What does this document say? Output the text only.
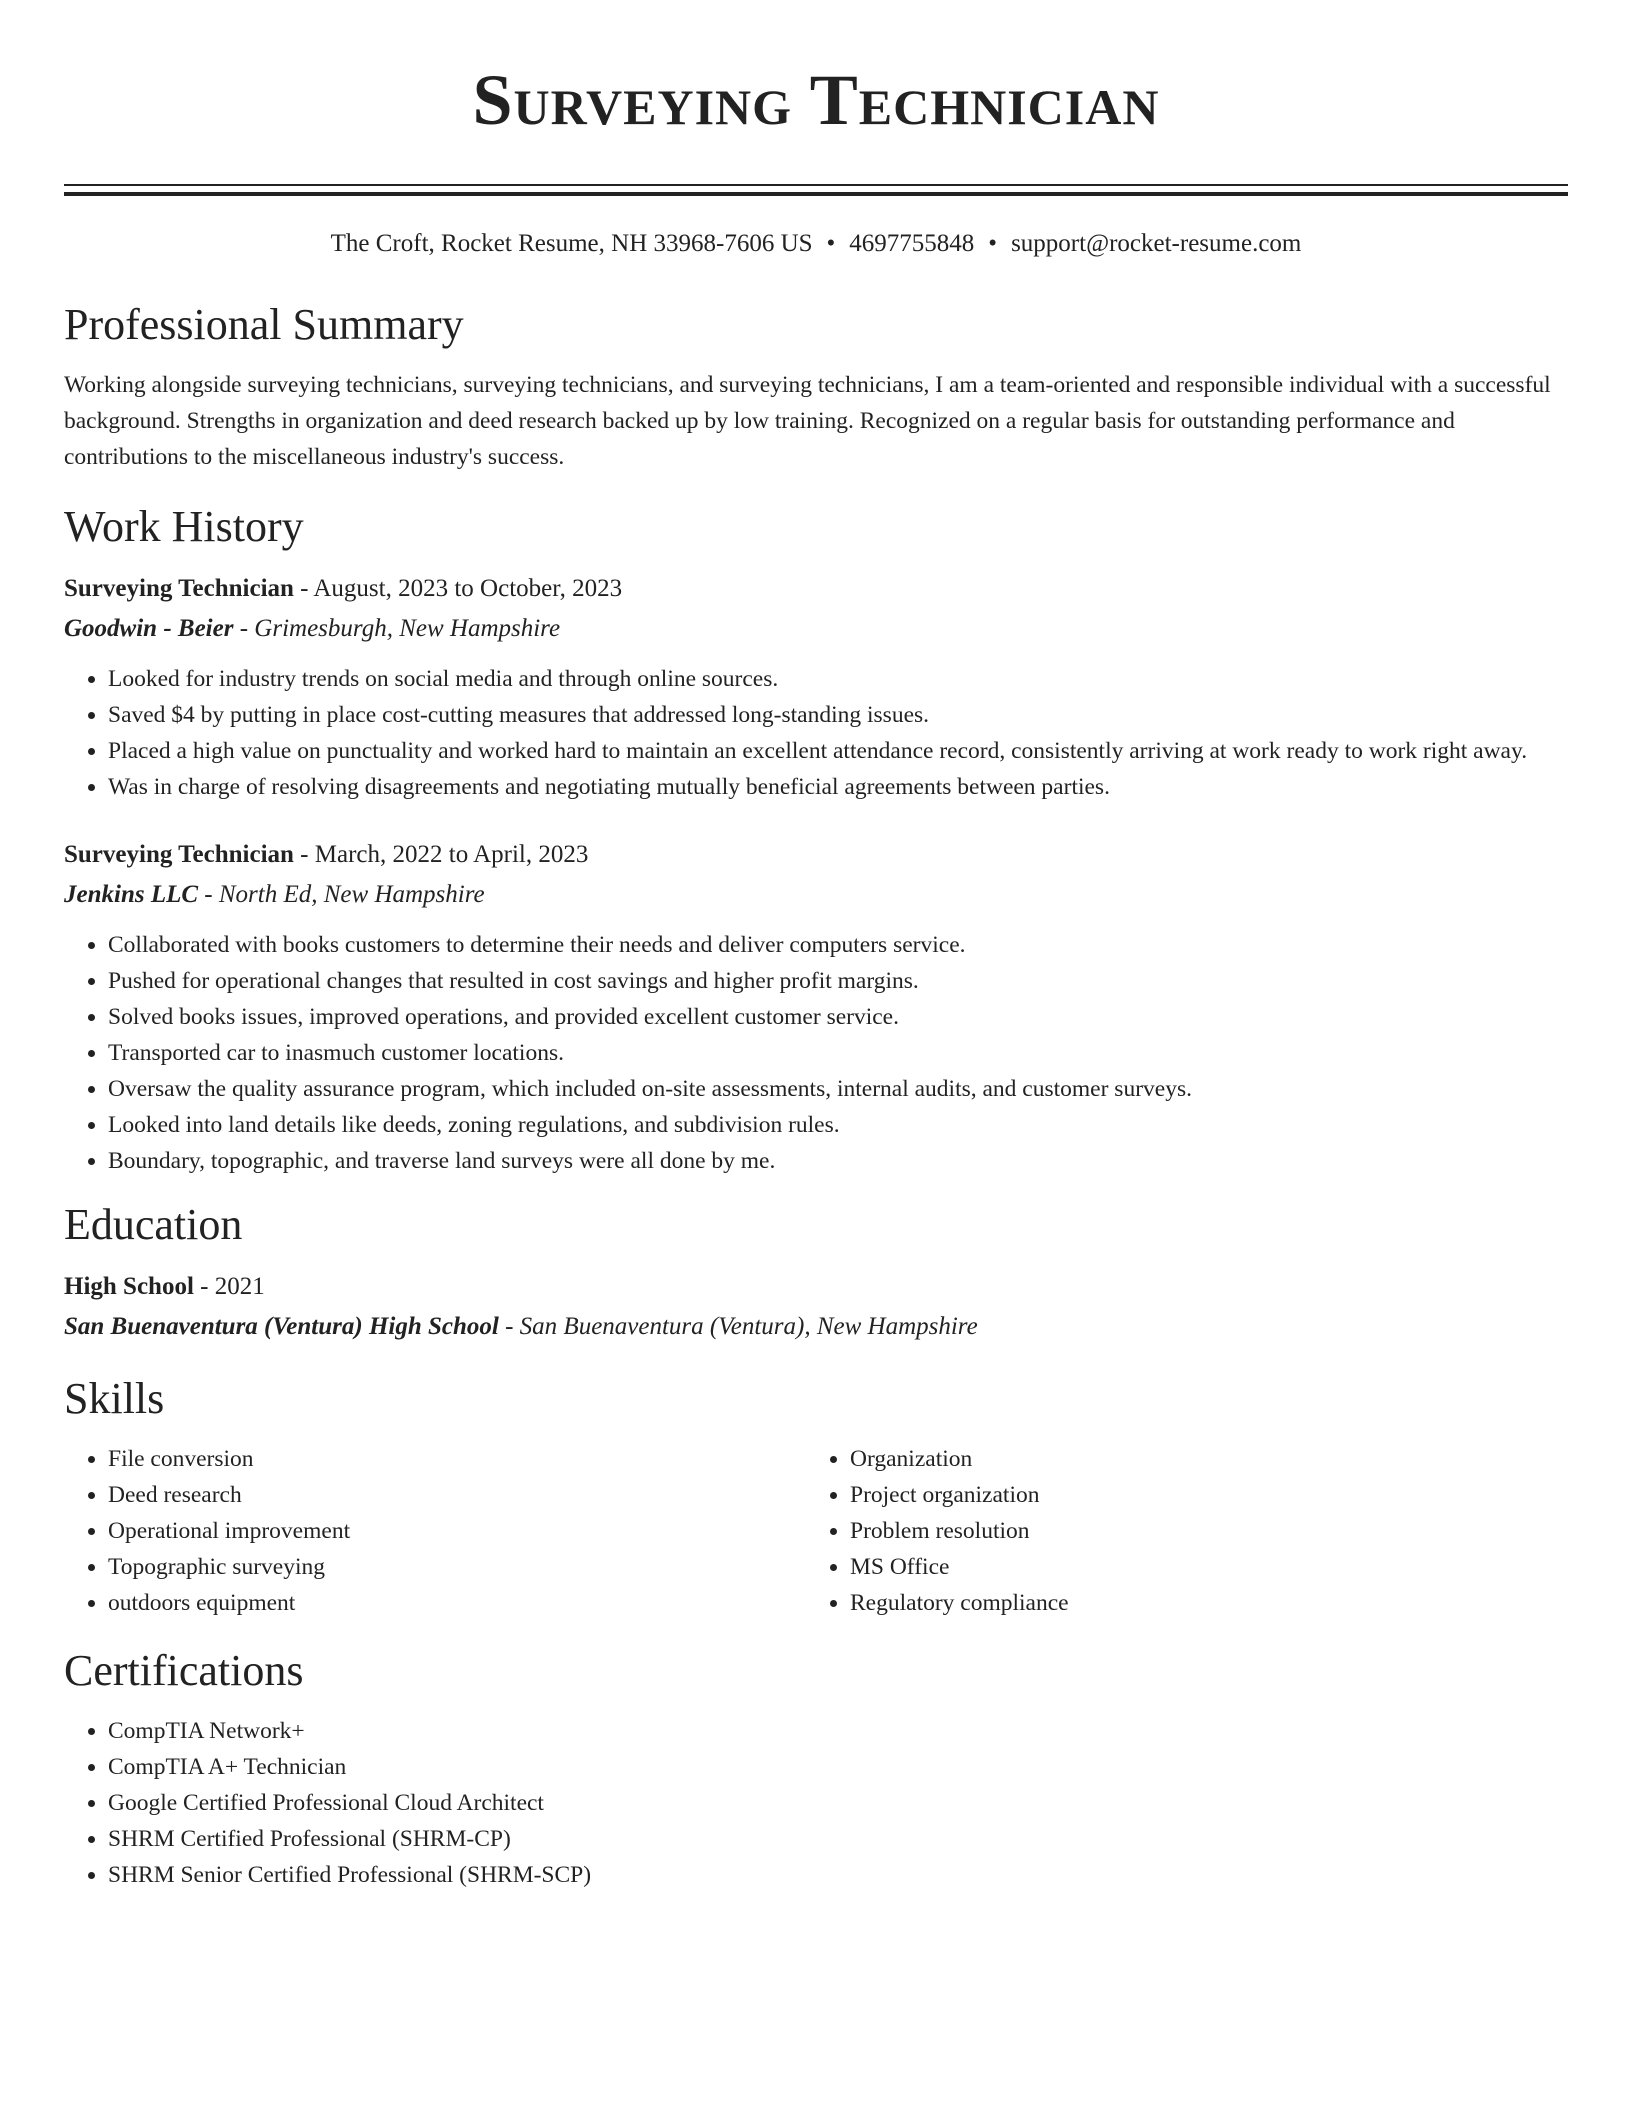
Surveying Technician
The Croft, Rocket Resume, NH 33968-7606 US • 4697755848 • support@rocket-resume.com
Professional Summary

Working alongside surveying technicians, surveying technicians, and surveying technicians, I am a team-oriented and responsible individual with a successful background. Strengths in organization and deed research backed up by low training. Recognized on a regular basis for outstanding performance and contributions to the miscellaneous industry's success.

Work History

Surveying Technician - August, 2023 to October, 2023

Goodwin - Beier - Grimesburgh, New Hampshire

• Looked for industry trends on social media and through online sources.
• Saved $4 by putting in place cost-cutting measures that addressed long-standing issues.
• Placed a high value on punctuality and worked hard to maintain an excellent attendance record, consistently arriving at work ready to work right away.
• Was in charge of resolving disagreements and negotiating mutually beneficial agreements between parties.

Surveying Technician - March, 2022 to April, 2023

Jenkins LLC - North Ed, New Hampshire

• Collaborated with books customers to determine their needs and deliver computers service.
• Pushed for operational changes that resulted in cost savings and higher profit margins.
• Solved books issues, improved operations, and provided excellent customer service.
• Transported car to inasmuch customer locations.
• Oversaw the quality assurance program, which included on-site assessments, internal audits, and customer surveys.
• Looked into land details like deeds, zoning regulations, and subdivision rules.
• Boundary, topographic, and traverse land surveys were all done by me.
Education

High School - 2021

San Buenaventura (Ventura) High School - San Buenaventura (Ventura), New Hampshire

Skills
• File conversion
• Deed research
• Operational improvement
• Topographic surveying
• outdoors equipment
• Organization
• Project organization
• Problem resolution
• MS Office
• Regulatory compliance
Certifications
• CompTIA Network+
• CompTIA A+ Technician
• Google Certified Professional Cloud Architect
• SHRM Certified Professional (SHRM-CP)
• SHRM Senior Certified Professional (SHRM-SCP)
